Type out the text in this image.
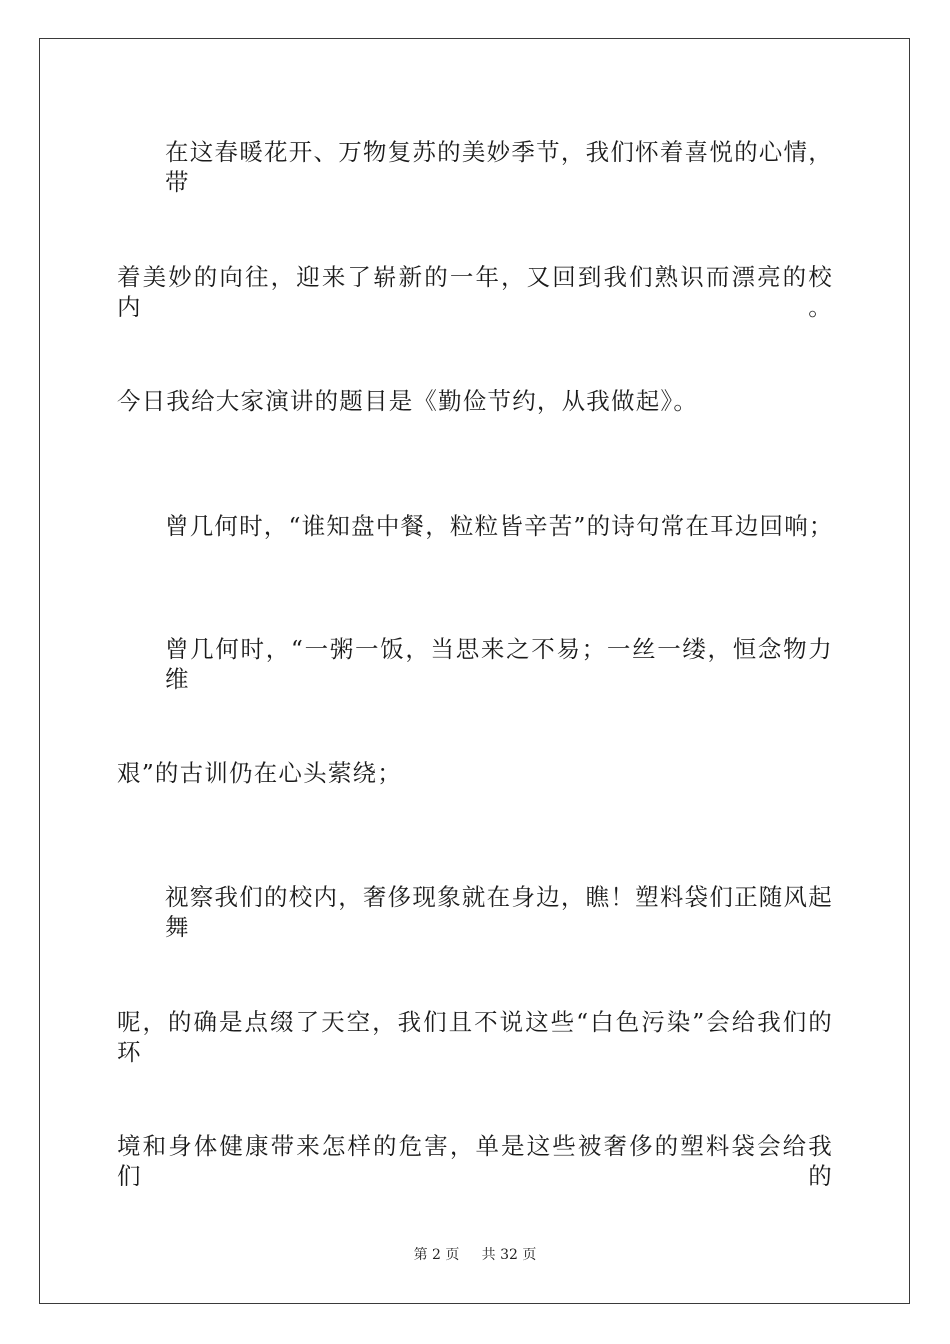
在这春暖花开、万物复苏的美妙季节，我们怀着喜悦的心情，带
着美妙的向往，迎来了崭新的一年，又回到我们熟识而漂亮的校内。
今日我给大家演讲的题目是《勤俭节约，从我做起》。
曾几何时，“谁知盘中餐，粒粒皆辛苦”的诗句常在耳边回响；
曾几何时，“一粥一饭，当思来之不易；一丝一缕，恒念物力维
艰”的古训仍在心头萦绕；
视察我们的校内，奢侈现象就在身边，瞧！塑料袋们正随风起舞
呢，的确是点缀了天空，我们且不说这些“白色污染”会给我们的环
境和身体健康带来怎样的危害，单是这些被奢侈的塑料袋会给我们的
第 2 页 共 32 页
